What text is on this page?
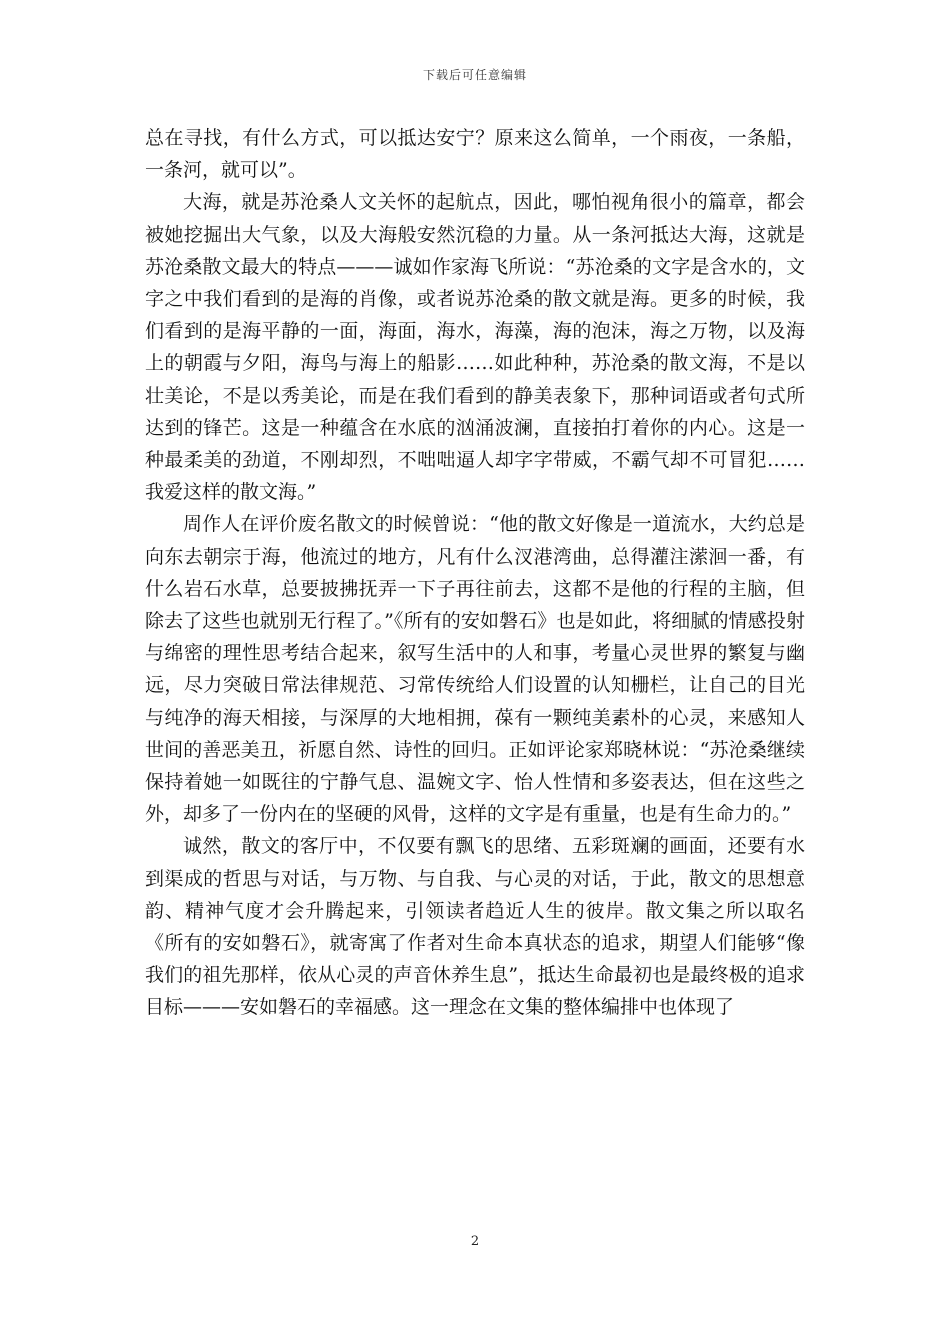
下载后可任意编辑

总在寻找，有什么方式，可以抵达安宁？原来这么简单，一个雨夜，一条船，一条河，就可以”。

大海，就是苏沧桑人文关怀的起航点，因此，哪怕视角很小的篇章，都会被她挖掘出大气象，以及大海般安然沉稳的力量。从一条河抵达大海，这就是苏沧桑散文最大的特点———诚如作家海飞所说：“苏沧桑的文字是含水的，文字之中我们看到的是海的肖像，或者说苏沧桑的散文就是海。更多的时候，我们看到的是海平静的一面，海面，海水，海藻，海的泡沫，海之万物，以及海上的朝霞与夕阳，海鸟与海上的船影……如此种种，苏沧桑的散文海，不是以壮美论，不是以秀美论，而是在我们看到的静美表象下，那种词语或者句式所达到的锋芒。这是一种蕴含在水底的汹涌波澜，直接拍打着你的内心。这是一种最柔美的劲道，不刚却烈，不咄咄逼人却字字带威，不霸气却不可冒犯……我爱这样的散文海。”

周作人在评价废名散文的时候曾说：“他的散文好像是一道流水，大约总是向东去朝宗于海，他流过的地方，凡有什么汊港湾曲，总得灌注潆洄一番，有什么岩石水草，总要披拂抚弄一下子再往前去，这都不是他的行程的主脑，但除去了这些也就别无行程了。”《所有的安如磐石》也是如此，将细腻的情感投射与绵密的理性思考结合起来，叙写生活中的人和事，考量心灵世界的繁复与幽远，尽力突破日常法律规范、习常传统给人们设置的认知栅栏，让自己的目光与纯净的海天相接，与深厚的大地相拥，葆有一颗纯美素朴的心灵，来感知人世间的善恶美丑，祈愿自然、诗性的回归。正如评论家郑晓林说：“苏沧桑继续保持着她一如既往的宁静气息、温婉文字、怡人性情和多姿表达，但在这些之外，却多了一份内在的坚硬的风骨，这样的文字是有重量，也是有生命力的。”

诚然，散文的客厅中，不仅要有飘飞的思绪、五彩斑斓的画面，还要有水到渠成的哲思与对话，与万物、与自我、与心灵的对话，于此，散文的思想意韵、精神气度才会升腾起来，引领读者趋近人生的彼岸。散文集之所以取名《所有的安如磐石》，就寄寓了作者对生命本真状态的追求，期望人们能够“像我们的祖先那样，依从心灵的声音休养生息”，抵达生命最初也是最终极的追求目标———安如磐石的幸福感。这一理念在文集的整体编排中也体现了

2
